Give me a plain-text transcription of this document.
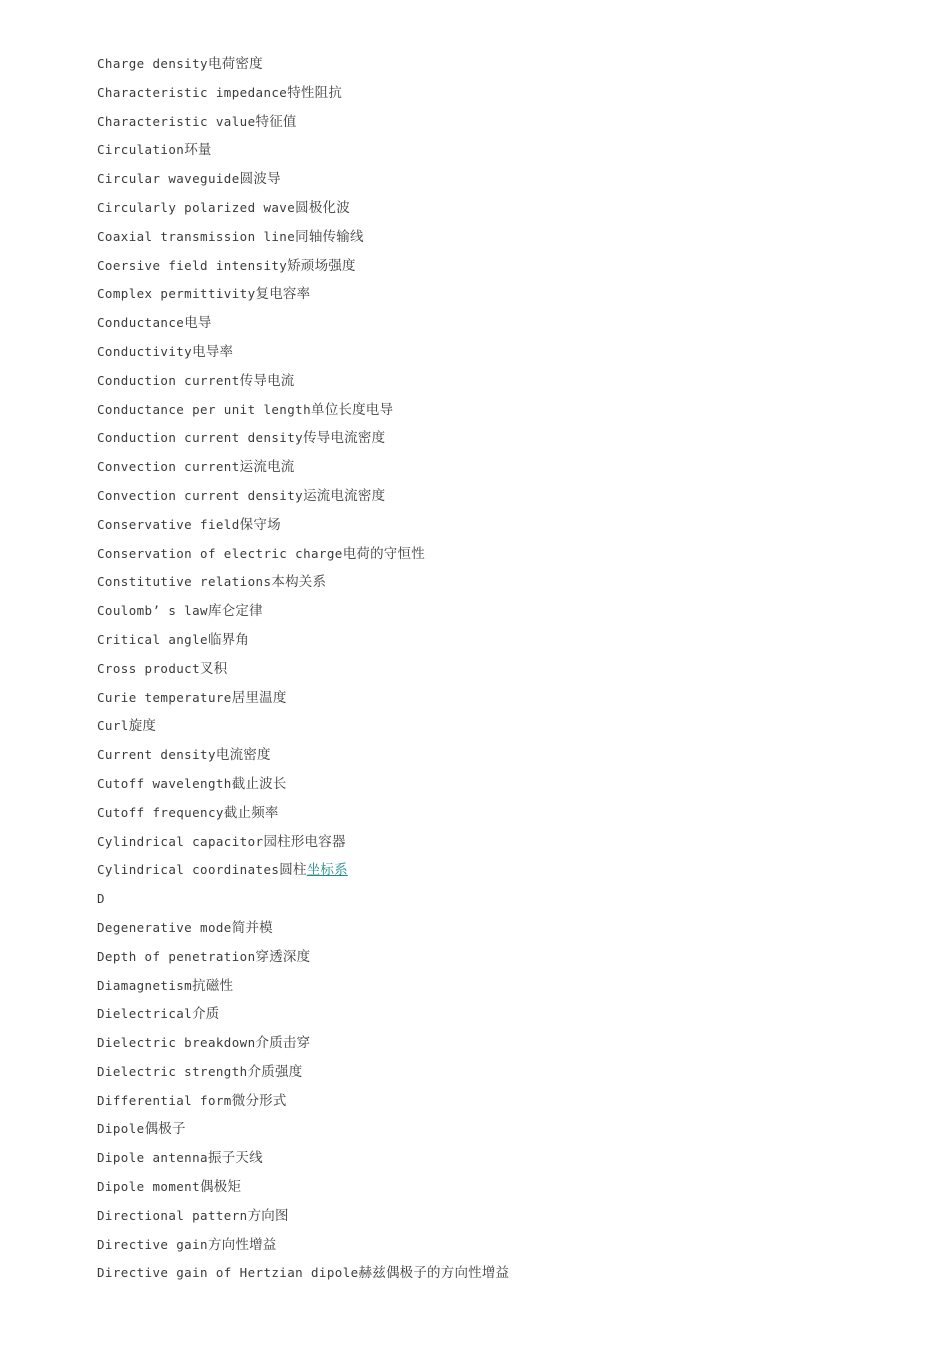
Charge density电荷密度
Characteristic impedance特性阻抗
Characteristic value特征值
Circulation环量
Circular waveguide圆波导
Circularly polarized wave圆极化波
Coaxial transmission line同轴传输线
Coersive field intensity矫顽场强度
Complex permittivity复电容率
Conductance电导
Conductivity电导率
Conduction current传导电流
Conductance per unit length单位长度电导
Conduction current density传导电流密度
Convection current运流电流
Convection current density运流电流密度
Conservative field保守场
Conservation of electric charge电荷的守恒性
Constitutive relations本构关系
Coulomb’ s law库仑定律
Critical angle临界角
Cross product叉积
Curie temperature居里温度
Curl旋度
Current density电流密度
Cutoff wavelength截止波长
Cutoff frequency截止频率
Cylindrical capacitor园柱形电容器
Cylindrical coordinates圆柱坐标系
D
Degenerative mode简并模
Depth of penetration穿透深度
Diamagnetism抗磁性
Dielectrical介质
Dielectric breakdown介质击穿
Dielectric strength介质强度
Differential form微分形式
Dipole偶极子
Dipole antenna振子天线
Dipole moment偶极矩
Directional pattern方向图
Directive gain方向性增益
Directive gain of Hertzian dipole赫兹偶极子的方向性增益
